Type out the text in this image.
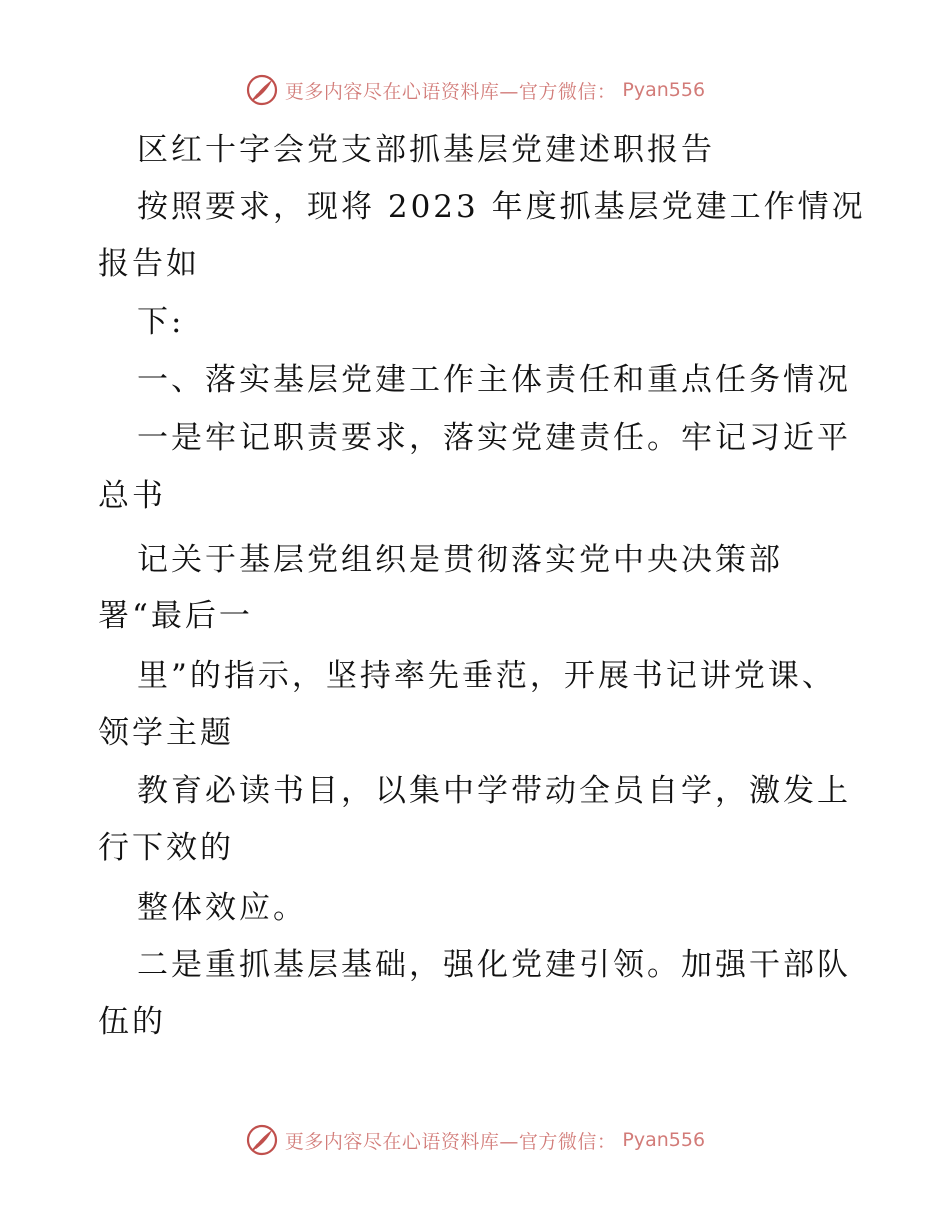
更多内容尽在心语资料库—官方微信： Pyan556
区红十字会党支部抓基层党建述职报告
按照要求，现将 2023 年度抓基层党建工作情况
报告如
下:
一、落实基层党建工作主体责任和重点任务情况
一是牢记职责要求，落实党建责任。牢记习近平
总书
记关于基层党组织是贯彻落实党中央决策部
署“最后一
里”的指示，坚持率先垂范，开展书记讲党课、
领学主题
教育必读书目，以集中学带动全员自学，激发上
行下效的
整体效应。
二是重抓基层基础，强化党建引领。加强干部队
伍的
更多内容尽在心语资料库—官方微信： Pyan556
